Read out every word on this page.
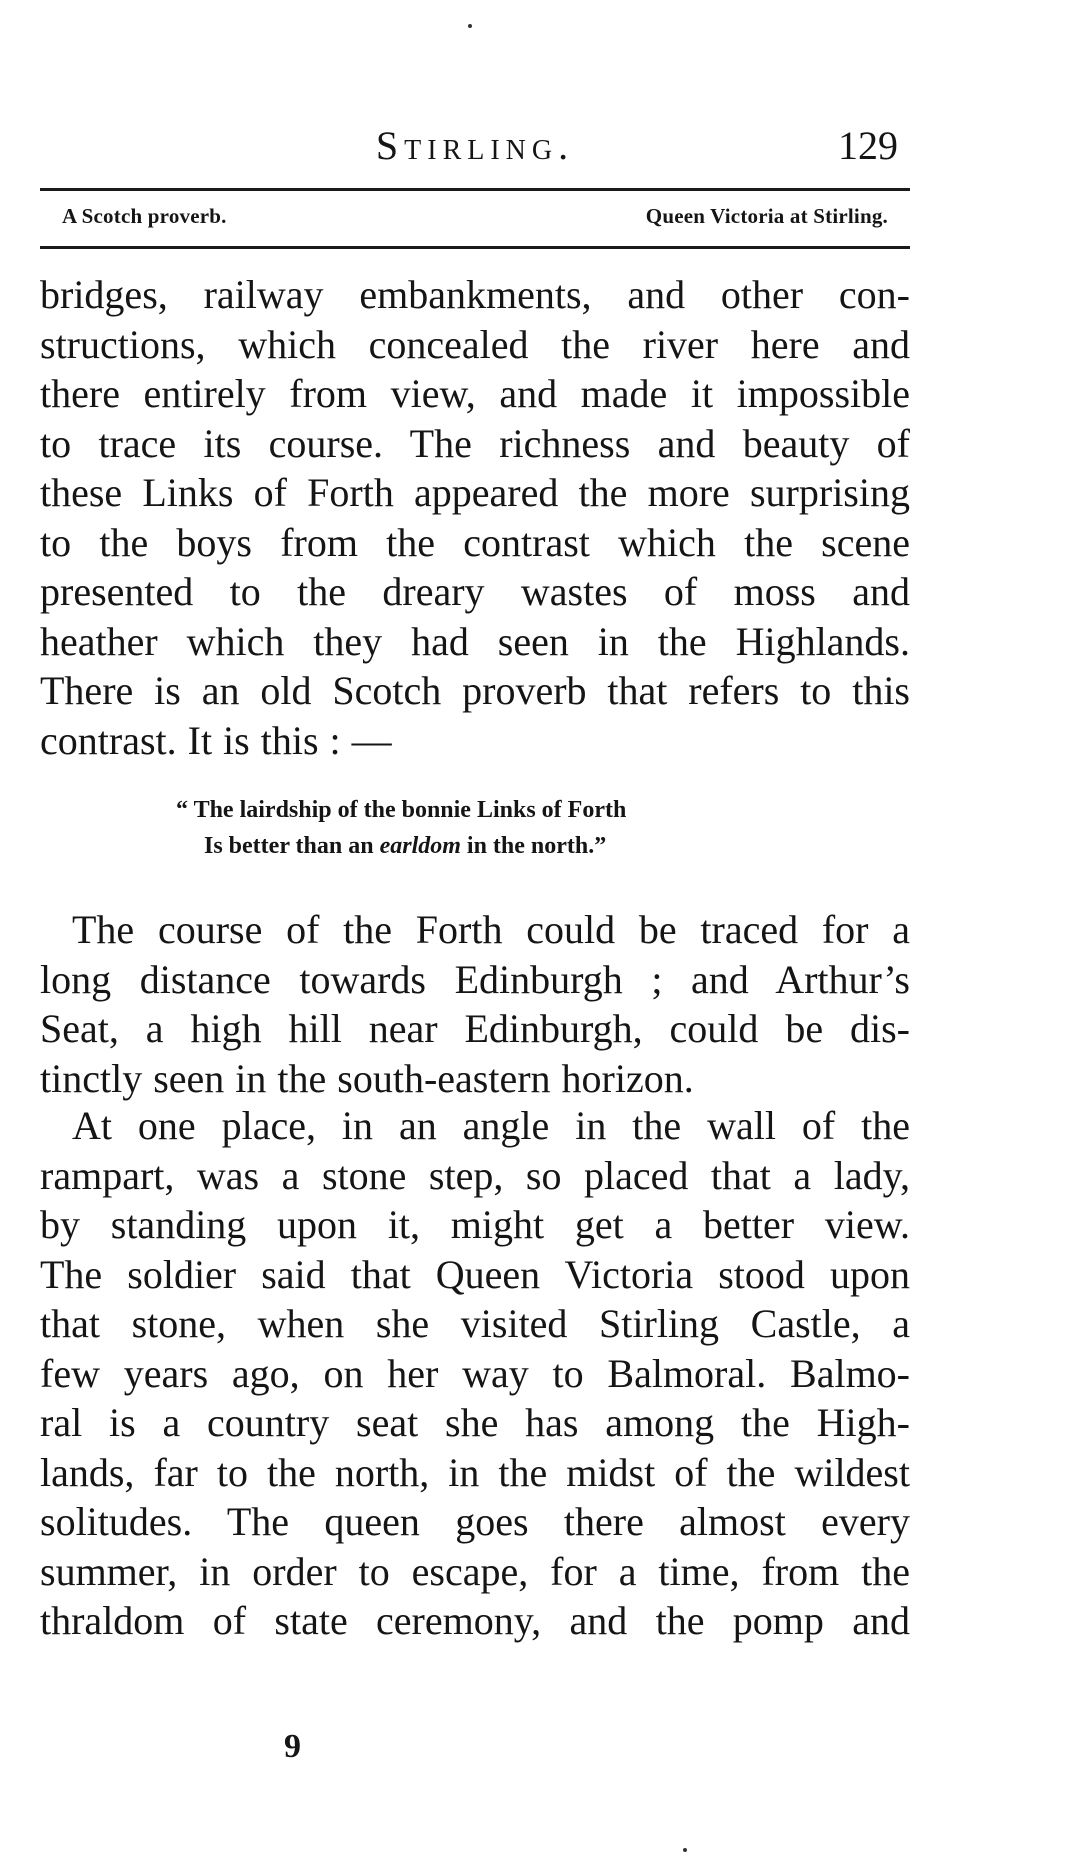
Stirling.	129
A Scotch proverb.	Queen Victoria at Stirling.
bridges, railway embankments, and other con-
structions, which concealed the river here and
there entirely from view, and made it impossible
to trace its course. The richness and beauty of
these Links of Forth appeared the more surprising
to the boys from the contrast which the scene
presented to the dreary wastes of moss and
heather which they had seen in the Highlands.
There is an old Scotch proverb that refers to this
contrast. It is this : —
“ The lairdship of the bonnie Links of Forth
Is better than an earldom in the north.”
The course of the Forth could be traced for a
long distance towards Edinburgh ; and Arthur’s
Seat, a high hill near Edinburgh, could be dis-
tinctly seen in the south-eastern horizon.
At one place, in an angle in the wall of the
rampart, was a stone step, so placed that a lady,
by standing upon it, might get a better view.
The soldier said that Queen Victoria stood upon
that stone, when she visited Stirling Castle, a
few years ago, on her way to Balmoral. Balmo-
ral is a country seat she has among the High-
lands, far to the north, in the midst of the wildest
solitudes. The queen goes there almost every
summer, in order to escape, for a time, from the
thraldom of state ceremony, and the pomp and
9
